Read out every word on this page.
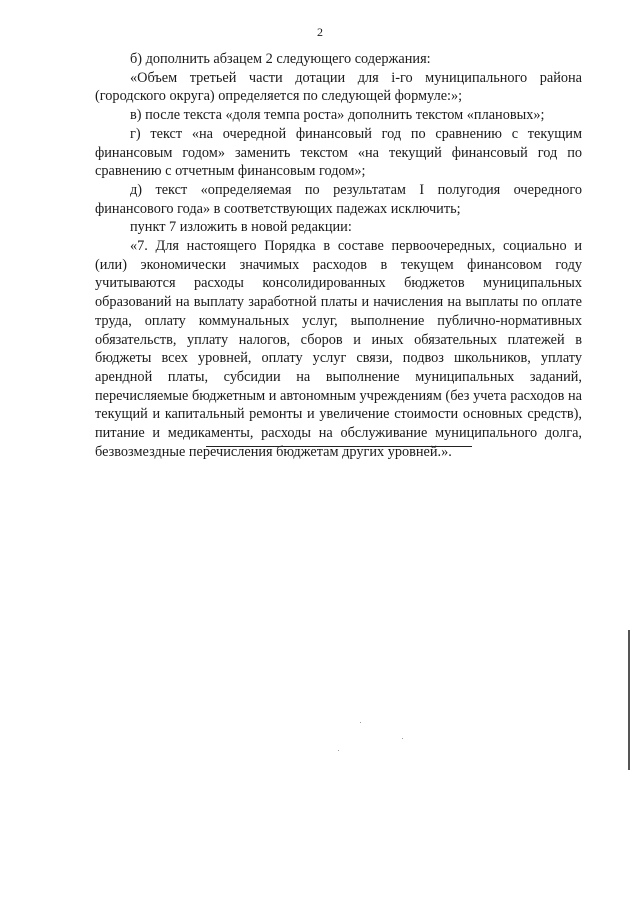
2

б) дополнить абзацем 2 следующего содержания:

«Объем третьей части дотации для i-го муниципального района (городского округа) определяется по следующей формуле:»;

в) после текста «доля темпа роста» дополнить текстом «плановых»;

г) текст «на очередной финансовый год по сравнению с текущим финансовым годом» заменить текстом «на текущий финансовый год по сравнению с отчетным финансовым годом»;

д) текст «определяемая по результатам I полугодия очередного финансового года» в соответствующих падежах исключить;

пункт 7 изложить в новой редакции:

«7. Для настоящего Порядка в составе первоочередных, социально и (или) экономически значимых расходов в текущем финансовом году учитываются расходы консолидированных бюджетов муниципальных образований на выплату заработной платы и начисления на выплаты по оплате труда, оплату коммунальных услуг, выполнение публично-нормативных обязательств, уплату налогов, сборов и иных обязательных платежей в бюджеты всех уровней, оплату услуг связи, подвоз школьников, уплату арендной платы, субсидии на выполнение муниципальных заданий, перечисляемые бюджетным и автономным учреждениям (без учета расходов на текущий и капитальный ремонты и увеличение стоимости основных средств), питание и медикаменты, расходы на обслуживание муниципального долга, безвозмездные перечисления бюджетам других уровней.».
